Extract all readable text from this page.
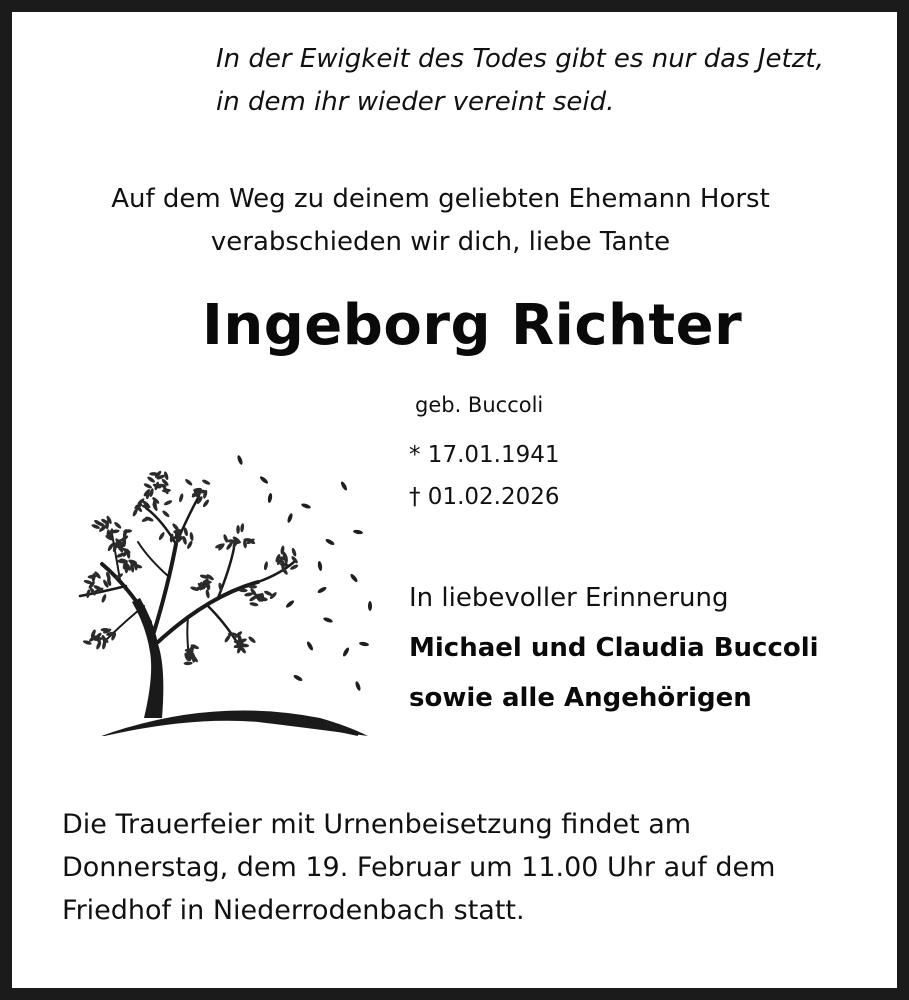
In der Ewigkeit des Todes gibt es nur das Jetzt,

in dem ihr wieder vereint seid.

Auf dem Weg zu deinem geliebten Ehemann Horst

verabschieden wir dich, liebe Tante

Ingeborg Richter

geb. Buccoli

* 17.01.1941

† 01.02.2026

In liebevoller Erinnerung

Michael und Claudia Buccoli

sowie alle Angehörigen

Die Trauerfeier mit Urnenbeisetzung findet am

Donnerstag, dem 19. Februar um 11.00 Uhr auf dem

Friedhof in Niederrodenbach statt.
